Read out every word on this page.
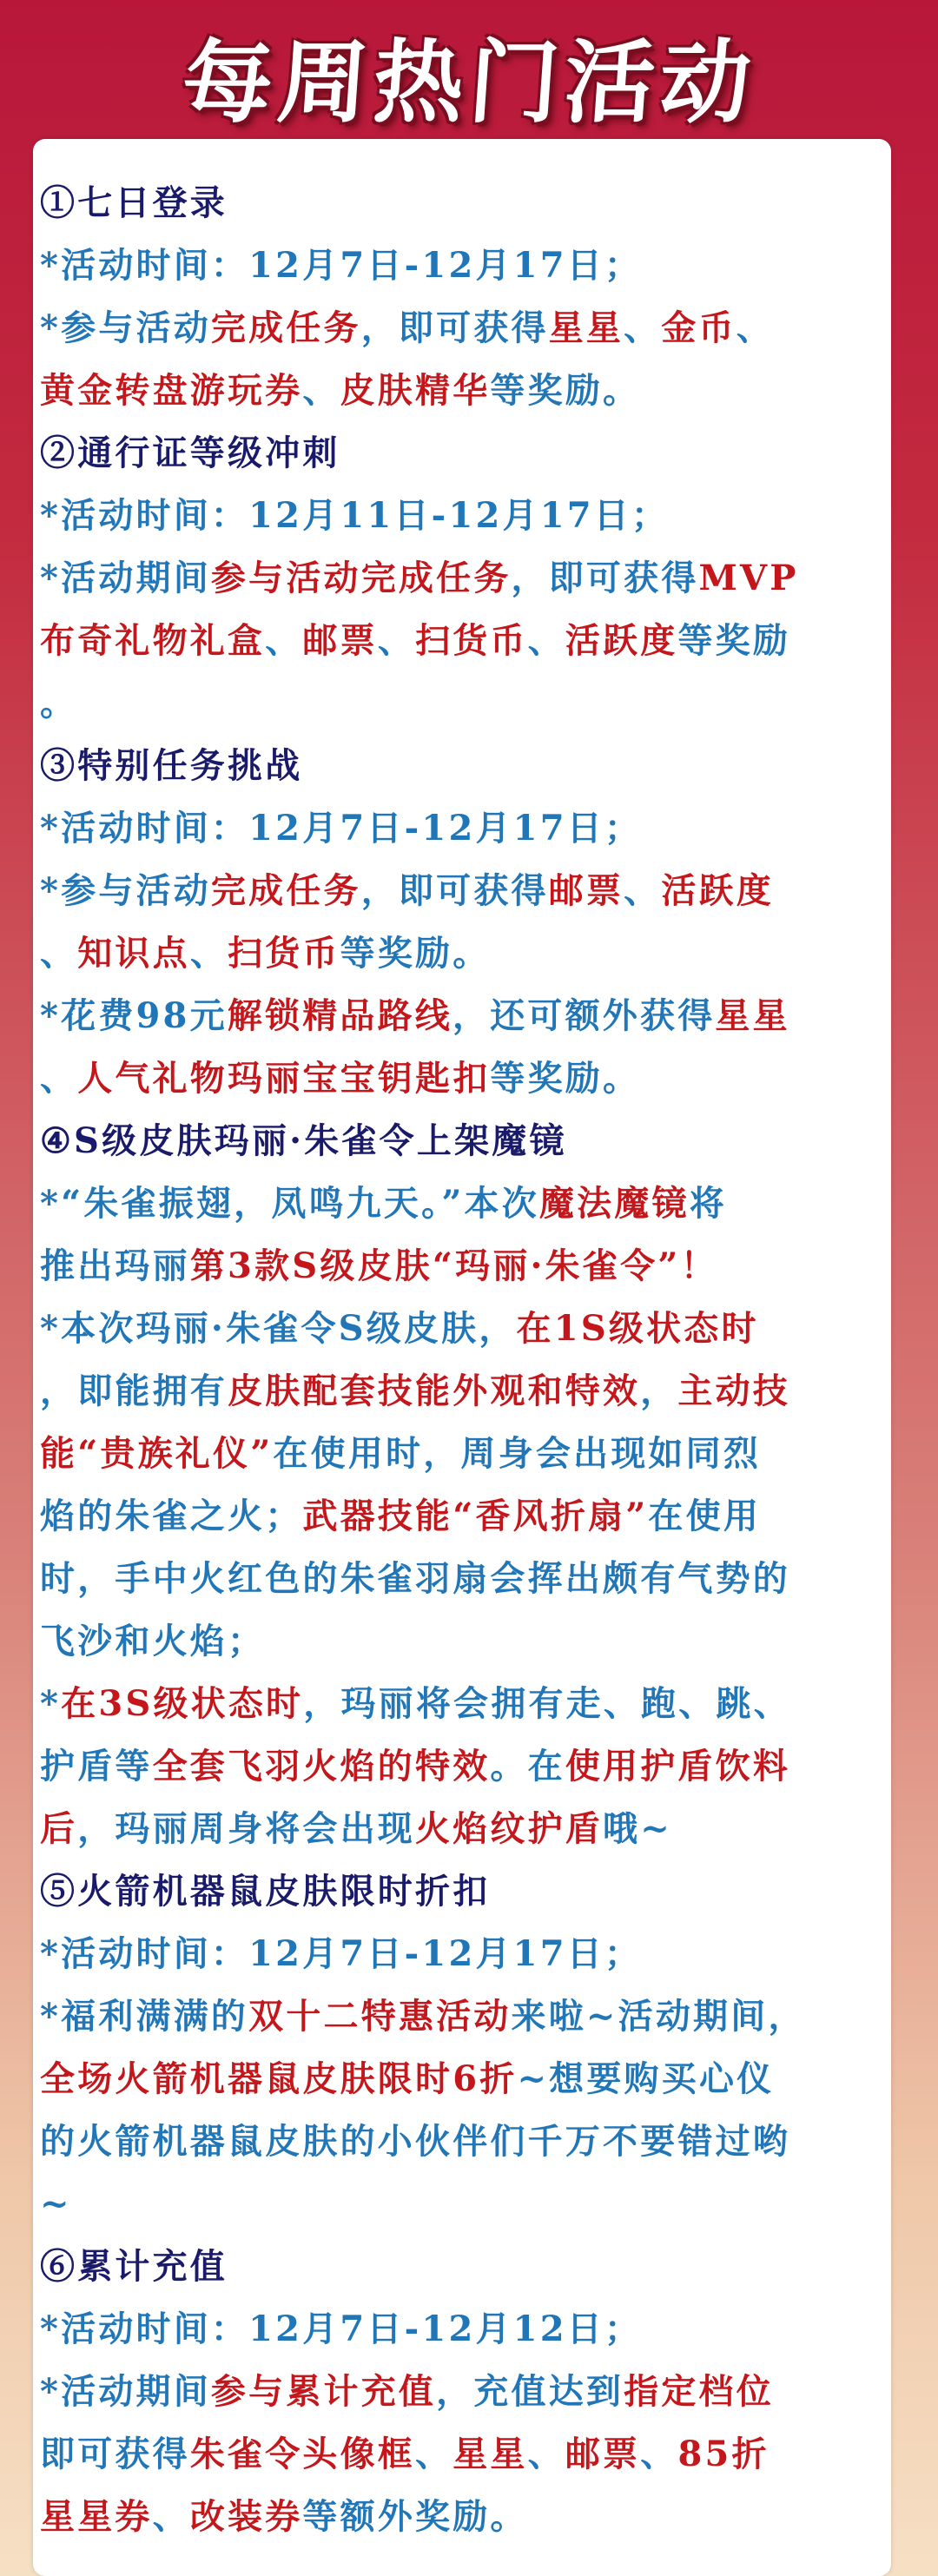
每周热门活动
①七日登录
*活动时间：12月7日-12月17日；
*参与活动完成任务，即可获得星星、金币、
黄金转盘游玩券、皮肤精华等奖励。
②通行证等级冲刺
*活动时间：12月11日-12月17日；
*活动期间参与活动完成任务，即可获得MVP
布奇礼物礼盒、邮票、扫货币、活跃度等奖励
。
③特别任务挑战
*活动时间：12月7日-12月17日；
*参与活动完成任务，即可获得邮票、活跃度
、知识点、扫货币等奖励。
*花费98元解锁精品路线，还可额外获得星星
、人气礼物玛丽宝宝钥匙扣等奖励。
④S级皮肤玛丽·朱雀令上架魔镜
*“朱雀振翅，凤鸣九天。”本次魔法魔镜将
推出玛丽第3款S级皮肤“玛丽·朱雀令”！
*本次玛丽·朱雀令S级皮肤，在1S级状态时
，即能拥有皮肤配套技能外观和特效，主动技
能“贵族礼仪”在使用时，周身会出现如同烈
焰的朱雀之火；武器技能“香风折扇”在使用
时，手中火红色的朱雀羽扇会挥出颇有气势的
飞沙和火焰；
*在3S级状态时，玛丽将会拥有走、跑、跳、
护盾等全套飞羽火焰的特效。在使用护盾饮料
后，玛丽周身将会出现火焰纹护盾哦~
⑤火箭机器鼠皮肤限时折扣
*活动时间：12月7日-12月17日；
*福利满满的双十二特惠活动来啦~活动期间，
全场火箭机器鼠皮肤限时6折~想要购买心仪
的火箭机器鼠皮肤的小伙伴们千万不要错过哟
~
⑥累计充值
*活动时间：12月7日-12月12日；
*活动期间参与累计充值，充值达到指定档位
即可获得朱雀令头像框、星星、邮票、85折
星星券、改装券等额外奖励。
